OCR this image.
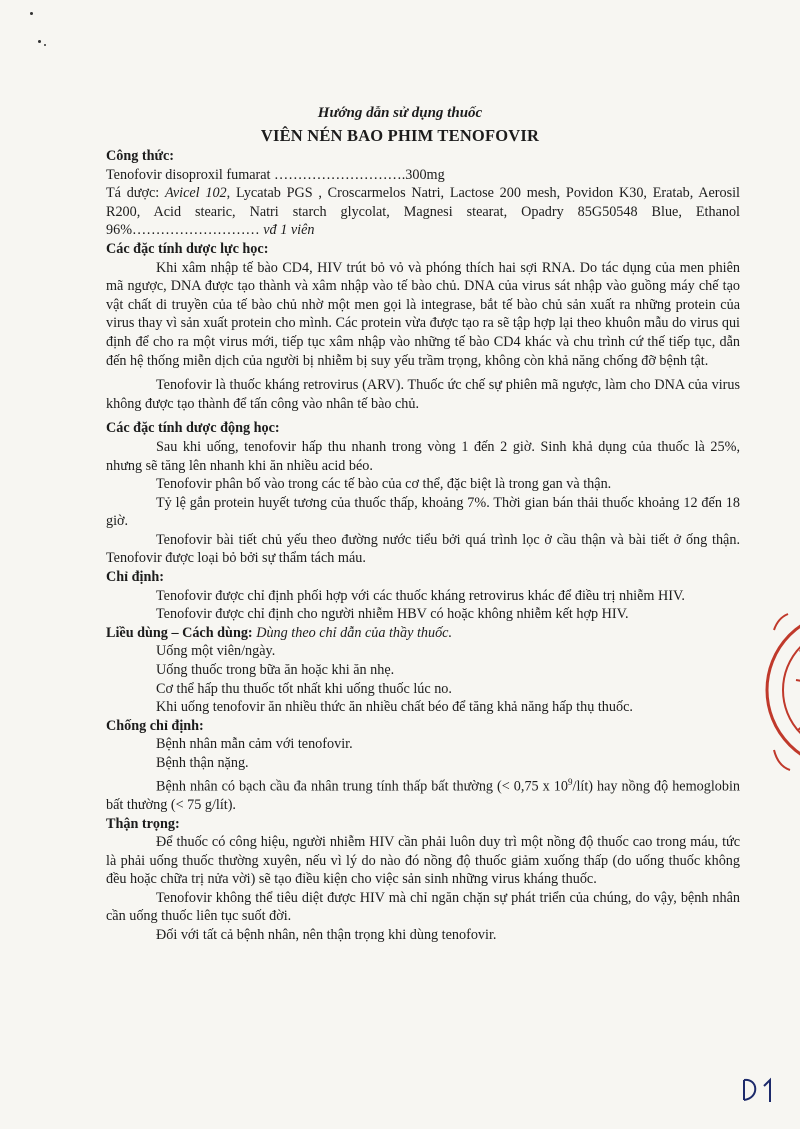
Hướng dẫn sử dụng thuốc
VIÊN NÉN BAO PHIM TENOFOVIR

Công thức:

Tenofovir disoproxil fumarat ……………………….300mg

Tá dược: Avicel 102, Lycatab PGS , Croscarmelos Natri, Lactose 200 mesh, Povidon K30, Eratab, Aerosil R200, Acid stearic, Natri starch glycolat, Magnesi stearat, Opadry 85G50548 Blue, Ethanol 96%……………………… vđ 1 viên

Các đặc tính dược lực học:

Khi xâm nhập tế bào CD4, HIV trút bỏ vỏ và phóng thích hai sợi RNA. Do tác dụng của men phiên mã ngược, DNA được tạo thành và xâm nhập vào tế bào chủ. DNA của virus sát nhập vào guồng máy chế tạo vật chất di truyền của tế bào chủ nhờ một men gọi là integrase, bắt tế bào chủ sản xuất ra những protein của virus thay vì sản xuất protein cho mình. Các protein vừa được tạo ra sẽ tập hợp lại theo khuôn mẫu do virus qui định để cho ra một virus mới, tiếp tục xâm nhập vào những tế bào CD4 khác và chu trình cứ thế tiếp tục, dẫn đến hệ thống miễn dịch của người bị nhiễm bị suy yếu trầm trọng, không còn khả năng chống đỡ bệnh tật.

Tenofovir là thuốc kháng retrovirus (ARV). Thuốc ức chế sự phiên mã ngược, làm cho DNA của virus không được tạo thành để tấn công vào nhân tế bào chủ.

Các đặc tính dược động học:

Sau khi uống, tenofovir hấp thu nhanh trong vòng 1 đến 2 giờ. Sinh khả dụng của thuốc là 25%, nhưng sẽ tăng lên nhanh khi ăn nhiều acid béo.

Tenofovir phân bố vào trong các tế bào của cơ thể, đặc biệt là trong gan và thận.

Tỷ lệ gắn protein huyết tương của thuốc thấp, khoảng 7%. Thời gian bán thải thuốc khoảng 12 đến 18 giờ.

Tenofovir bài tiết chủ yếu theo đường nước tiểu bởi quá trình lọc ở cầu thận và bài tiết ở ống thận. Tenofovir được loại bỏ bởi sự thẩm tách máu.

Chỉ định:

Tenofovir được chỉ định phối hợp với các thuốc kháng retrovirus khác để điều trị nhiễm HIV.

Tenofovir được chỉ định cho người nhiễm HBV có hoặc không nhiễm kết hợp HIV.

Liều dùng – Cách dùng: Dùng theo chỉ dẫn của thầy thuốc.

Uống một viên/ngày.

Uống thuốc trong bữa ăn hoặc khi ăn nhẹ.

Cơ thể hấp thu thuốc tốt nhất khi uống thuốc lúc no.

Khi uống tenofovir ăn nhiều thức ăn nhiều chất béo để tăng khả năng hấp thụ thuốc.

Chống chỉ định:

Bệnh nhân mẫn cảm với tenofovir.

Bệnh thận nặng.

Bệnh nhân có bạch cầu đa nhân trung tính thấp bất thường (< 0,75 x $10^9/lít$) hay nồng độ hemoglobin bất thường (< 75 g/lít).

Thận trọng:

Để thuốc có công hiệu, người nhiễm HIV cần phải luôn duy trì một nồng độ thuốc cao trong máu, tức là phải uống thuốc thường xuyên, nếu vì lý do nào đó nồng độ thuốc giảm xuống thấp (do uống thuốc không đều hoặc chữa trị nửa vời) sẽ tạo điều kiện cho việc sản sinh những virus kháng thuốc.

Tenofovir không thể tiêu diệt được HIV mà chỉ ngăn chặn sự phát triển của chúng, do vậy, bệnh nhân cần uống thuốc liên tục suốt đời.

Đối với tất cả bệnh nhân, nên thận trọng khi dùng tenofovir.
